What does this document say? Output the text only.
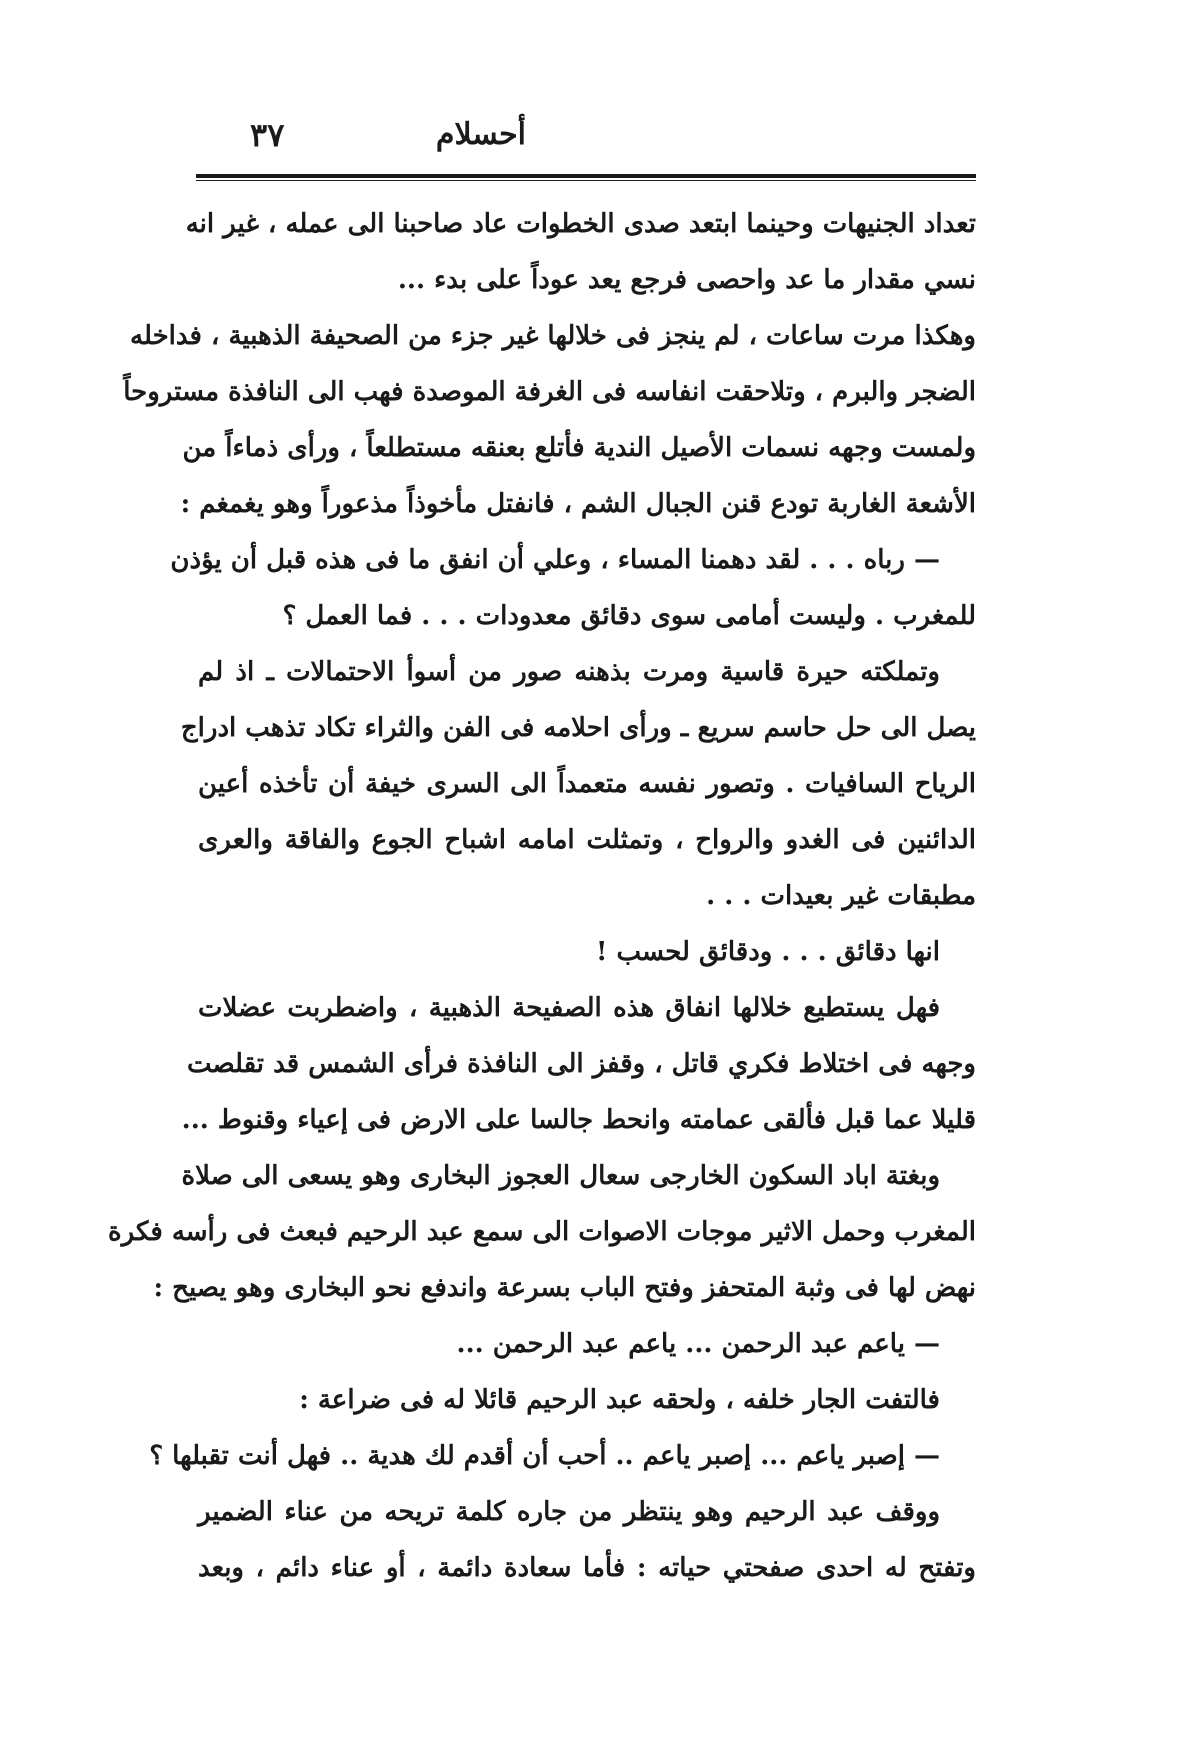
أحسلام
٣٧
تعداد الجنيهات وحينما ابتعد صدى الخطوات عاد صاحبنا الى عمله ، غير انه
نسي مقدار ما عد واحصى فرجع يعد عوداً على بدء ...
وهكذا مرت ساعات ، لم ينجز فى خلالها غير جزء من الصحيفة الذهبية ، فداخله
الضجر والبرم ، وتلاحقت انفاسه فى الغرفة الموصدة فهب الى النافذة مستروحاً
ولمست وجهه نسمات الأصيل الندية فأتلع بعنقه مستطلعاً ، ورأى ذماءاً من
الأشعة الغاربة تودع قنن الجبال الشم ، فانفتل مأخوذاً مذعوراً وهو يغمغم :
— رباه . . . لقد دهمنا المساء ، وعلي أن انفق ما فى هذه قبل أن يؤذن
للمغرب . وليست أمامى سوى دقائق معدودات . . . فما العمل ؟
وتملكته حيرة قاسية ومرت بذهنه صور من أسوأ الاحتمالات ـ اذ لم
يصل الى حل حاسم سريع ـ ورأى احلامه فى الفن والثراء تكاد تذهب ادراج
الرياح السافيات . وتصور نفسه متعمداً الى السرى خيفة أن تأخذه أعين
الدائنين فى الغدو والرواح ، وتمثلت امامه اشباح الجوع والفاقة والعرى
مطبقات غير بعيدات . . .
انها دقائق . . . ودقائق لحسب !
فهل يستطيع خلالها انفاق هذه الصفيحة الذهبية ، واضطربت عضلات
وجهه فى اختلاط فكري قاتل ، وقفز الى النافذة فرأى الشمس قد تقلصت
قليلا عما قبل فألقى عمامته وانحط جالسا على الارض فى إعياء وقنوط ...
وبغتة اباد السكون الخارجى سعال العجوز البخارى وهو يسعى الى صلاة
المغرب وحمل الاثير موجات الاصوات الى سمع عبد الرحيم فبعث فى رأسه فكرة
نهض لها فى وثبة المتحفز وفتح الباب بسرعة واندفع نحو البخارى وهو يصيح :
— ياعم عبد الرحمن ... ياعم عبد الرحمن ...
فالتفت الجار خلفه ، ولحقه عبد الرحيم قائلا له فى ضراعة :
— إصبر ياعم ... إصبر ياعم .. أحب أن أقدم لك هدية .. فهل أنت تقبلها ؟
ووقف عبد الرحيم وهو ينتظر من جاره كلمة تريحه من عناء الضمير
وتفتح له احدى صفحتي حياته : فأما سعادة دائمة ، أو عناء دائم ، وبعد
